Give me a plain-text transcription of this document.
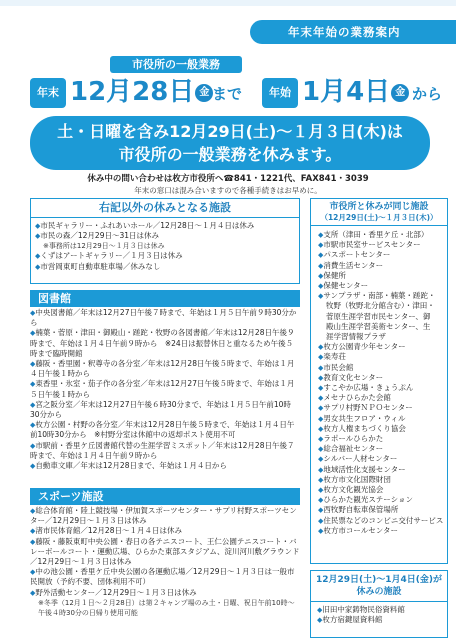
年末年始の業務案内
市役所の一般業務
年末 12月28日 金 まで	年始 1月4日 金 から
土・日曜を含み12月29日(土)〜１月３日(木)は
市役所の一般業務を休みます。
休み中の問い合わせは枚方市役所へ☎841・1221代、FAX841・3039
年末の窓口は混み合いますので各種手続きはお早めに。
右記以外の休みとなる施設
◆市民ギャラリー・ふれあいホール／12月28日〜１月４日は休み
◆市民の森／12月29日〜31日は休み
※事務所は12月29日〜１月３日は休み
◆くずはアートギャラリー／１月３日は休み
◆市営岡東町自動車駐車場／休みなし
図書館
◆中央図書館／年末は12月27日午後７時まで、年始は１月５日午前９時30分から
◆楠葉・菅原・津田・御殿山・蹉跎・牧野の各図書館／年末は12月28日午後９時まで、年始は１月４日午前９時から　※24日は振替休日と重なるため午後５時まで臨時開館
◆藤阪・香里園・釈尊寺の各分室／年末は12月28日午後５時まで、年始は１月４日午後１時から
◆東香里・氷室・茄子作の各分室／年末は12月27日午後５時まで、年始は１月５日午後１時から
◆宮之阪分室／年末は12月27日午後６時30分まで、年始は１月５日午前10時30分から
◆枚方公園・村野の各分室／年末は12月28日午後５時まで、年始は１月４日午前10時30分から　※村野分室は休館中の返却ポスト使用不可
◆市駅前・香里ケ丘図書館代替の生涯学習ミスポット／年末は12月28日午後７時まで、年始は１月４日午前９時から
◆自動車文庫／年末は12月28日まで、年始は１月４日から
スポーツ施設
◆総合体育館・陸上競技場・伊加賀スポーツセンター・サプリ村野スポーツセンター／12月29日〜１月３日は休み
◆渚市民体育館／12月28日〜１月４日は休み
◆藤阪・藤阪東町中央公園・春日の各テニスコート、王仁公園テニスコート・バレーボールコート・運動広場、ひらかた東部スタジアム、淀川河川敷グラウンド／12月29日〜１月３日は休み
◆中の池公園・香里ケ丘中央公園の各運動広場／12月29日〜１月３日は一般市民開放（予約不要、団体利用不可）
◆野外活動センター／12月29日〜１月３日は休み
※冬季（12月１日〜２月28日）は第２キャンプ場のみ土・日曜、祝日午前10時〜午後４時30分の日帰り使用可能
市役所と休みが同じ施設
（12月29日(土)〜１月３日(木)）
◆支所（津田・香里ケ丘・北部）
◆市駅市民室サービスセンター
◆パスポートセンター
◆消費生活センター
◆保健所
◆保健センター
◆サンプラザ・南部・楠葉・蹉跎・
牧野（牧野北分館含む）・津田・
菅原生涯学習市民センター、御
殿山生涯学習美術センター、生
涯学習情報プラザ
◆枚方公園青少年センター
◆楽寿荘
◆市民会館
◆教育文化センター
◆すこやか広場・きょうぷん
◆メセナひらかた会館
◆サプリ村野ＮＰＯセンター
◆男女共生フロア・ウィル
◆枚方人権まちづくり協会
◆ラポールひらかた
◆総合福祉センター
◆シルバー人材センター
◆地域活性化支援センター
◆枚方市文化国際財団
◆枚方文化観光協会
◆ひらかた観光ステーション
◆西牧野自転車保管場所
◆住民票などのコンビニ交付サービス
◆枚方市コールセンター
12月29日(土)〜1月4日(金)が
休みの施設
◆旧田中家鋳物民俗資料館
◆枚方宿鍵屋資料館
